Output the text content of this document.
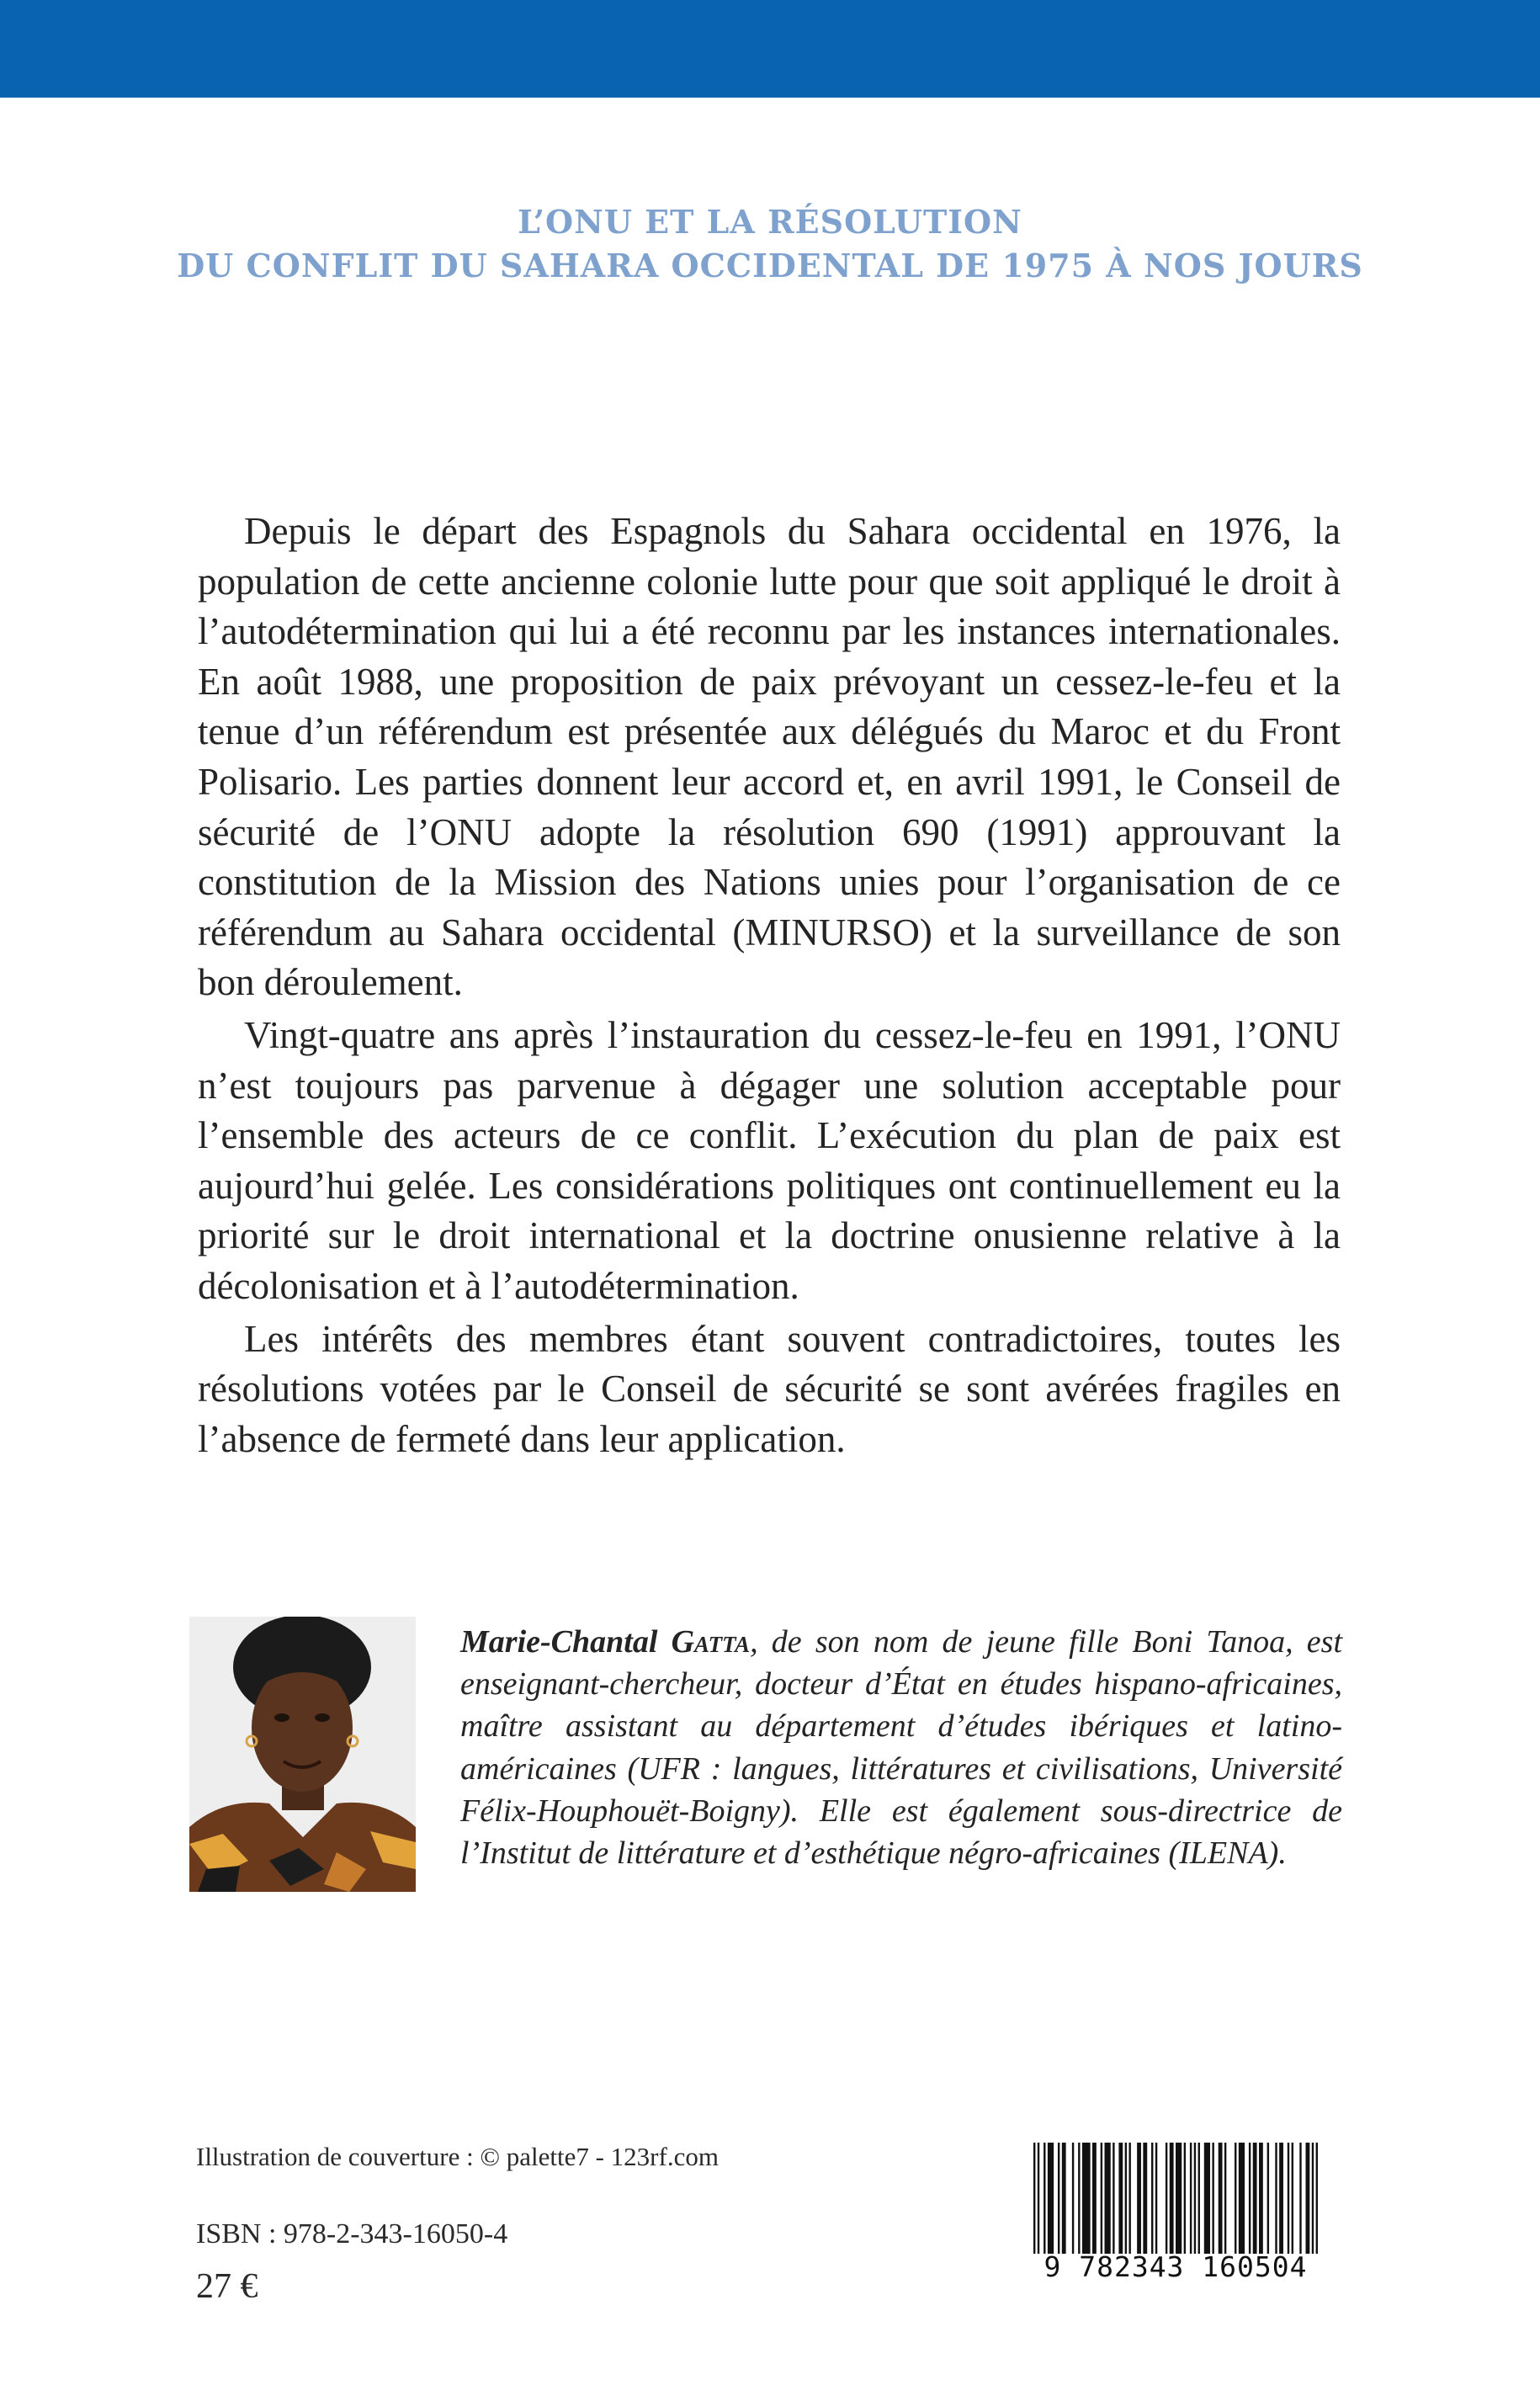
L’ONU ET LA RÉSOLUTION
DU CONFLIT DU SAHARA OCCIDENTAL DE 1975 À NOS JOURS

Depuis le départ des Espagnols du Sahara occidental en 1976, la population de cette ancienne colonie lutte pour que soit appliqué le droit à l’autodétermination qui lui a été reconnu par les instances internationales. En août 1988, une proposition de paix prévoyant un cessez-le-feu et la tenue d’un référendum est présentée aux délégués du Maroc et du Front Polisario. Les parties donnent leur accord et, en avril 1991, le Conseil de sécurité de l’ONU adopte la résolution 690 (1991) approuvant la constitution de la Mission des Nations unies pour l’organisation de ce référendum au Sahara occidental (MINURSO) et la surveillance de son bon déroulement.

Vingt-quatre ans après l’instauration du cessez-le-feu en 1991, l’ONU n’est toujours pas parvenue à dégager une solution acceptable pour l’ensemble des acteurs de ce conflit. L’exécution du plan de paix est aujourd’hui gelée. Les considérations politiques ont continuellement eu la priorité sur le droit international et la doctrine onusienne relative à la décolonisation et à l’autodétermination.

Les intérêts des membres étant souvent contradictoires, toutes les résolutions votées par le Conseil de sécurité se sont avérées fragiles en l’absence de fermeté dans leur application.

Marie-Chantal Gatta, de son nom de jeune fille Boni Tanoa, est enseignant-chercheur, docteur d’État en études hispano-africaines, maître assistant au département d’études ibériques et latino-américaines (UFR : langues, littératures et civilisations, Université Félix-Houphouët-Boigny). Elle est également sous-directrice de l’Institut de littérature et d’esthétique négro-africaines (ILENA).
Illustration de couverture : © palette7 - 123rf.com
ISBN : 978-2-343-16050-4
27 €
9 782343 160504
